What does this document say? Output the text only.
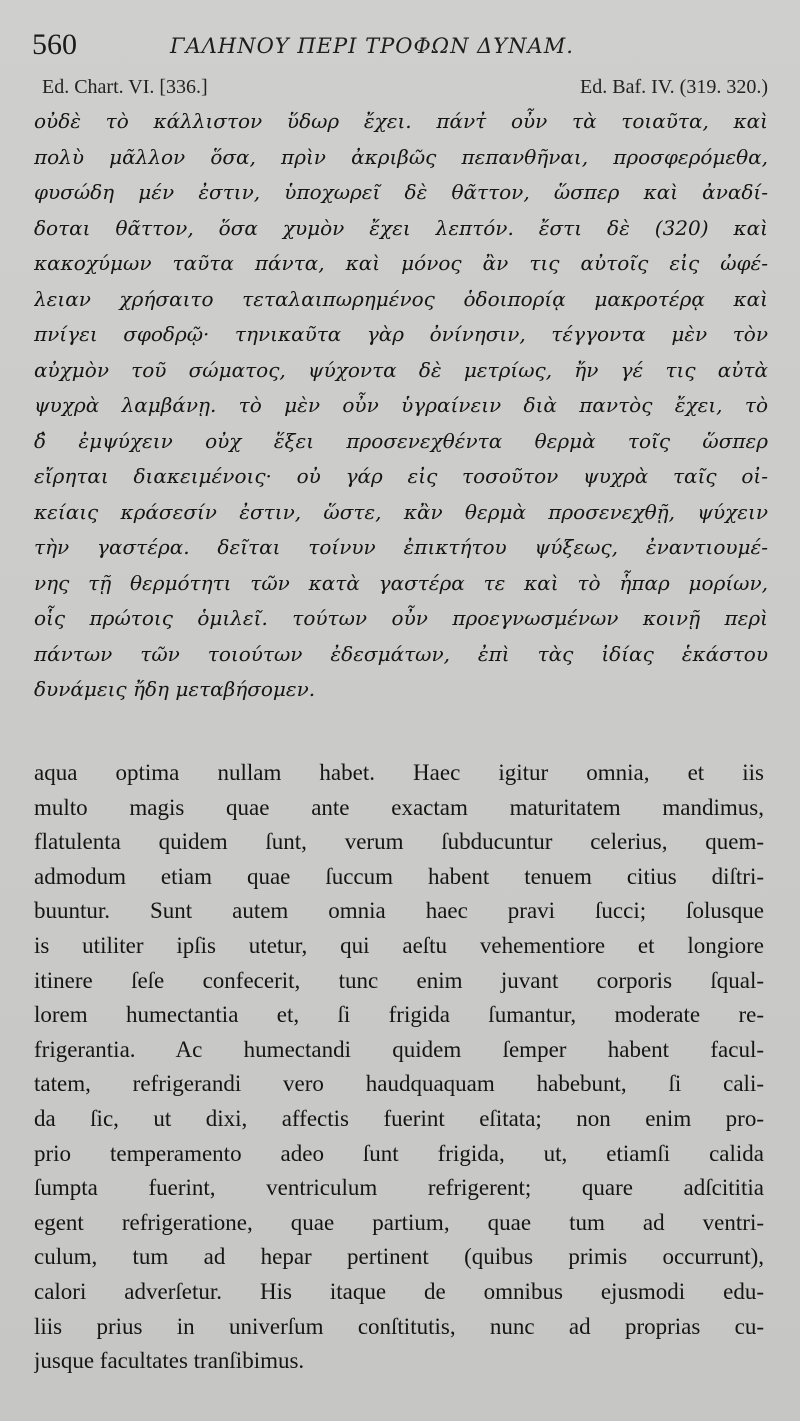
560	ΓΑΛΗΝΟΥ ΠΕΡΙ ΤΡΟΦΩΝ ΔΥΝΑΜ.
Ed. Chart. VI. [336.]	Ed. Baf. IV. (319. 320.)
οὐδὲ τὸ κάλλιστον ὕδωρ ἔχει. πάντ̓ οὖν τὰ τοιαῦτα, καὶ
πολὺ μᾶλλον ὅσα, πρὶν ἀκριβῶς πεπανθῆναι, προσφερόμεθα,
φυσώδη μέν ἐστιν, ὑποχωρεῖ δὲ θᾶττον, ὥσπερ καὶ ἀναδί-
δοται θᾶττον, ὅσα χυμὸν ἔχει λεπτόν. ἔστι δὲ (320) καὶ
κακοχύμων ταῦτα πάντα, καὶ μόνος ἂν τις αὐτοῖς εἰς ὠφέ-
λειαν χρήσαιτο τεταλαιπωρημένος ὁδοιπορίᾳ μακροτέρᾳ καὶ
πνίγει σφοδρῷ· τηνικαῦτα γὰρ ὀνίνησιν, τέγγοντα μὲν τὸν
αὐχμὸν τοῦ σώματος, ψύχοντα δὲ μετρίως, ἤν γέ τις αὐτὰ
ψυχρὰ λαμβάνῃ. τὸ μὲν οὖν ὑγραίνειν διὰ παντὸς ἔχει, τὸ
δ̓ ἐμψύχειν οὐχ ἕξει προσενεχθέντα θερμὰ τοῖς ὥσπερ
εἴρηται διακειμένοις· οὐ γάρ εἰς τοσοῦτον ψυχρὰ ταῖς οἰ-
κείαις κράσεσίν ἐστιν, ὥστε, κἂν θερμὰ προσενεχθῇ, ψύχειν
τὴν γαστέρα. δεῖται τοίνυν ἐπικτήτου ψύξεως, ἐναντιουμέ-
νης τῇ θερμότητι τῶν κατὰ γαστέρα τε καὶ τὸ ἧπαρ μορίων,
οἷς πρώτοις ὁμιλεῖ. τούτων οὖν προεγνωσμένων κοινῇ περὶ
πάντων τῶν τοιούτων ἐδεσμάτων, ἐπὶ τὰς ἰδίας ἑκάστου
δυνάμεις ἤδη μεταβήσομεν.
aqua optima nullam habet. Haec igitur omnia, et iis
multo magis quae ante exactam maturitatem mandimus,
flatulenta quidem ſunt, verum ſubducuntur celerius, quem-
admodum etiam quae ſuccum habent tenuem citius diſtri-
buuntur. Sunt autem omnia haec pravi ſucci; ſolusque
is utiliter ipſis utetur, qui aeſtu vehementiore et longiore
itinere ſeſe confecerit, tunc enim juvant corporis ſqual-
lorem humectantia et, ſi frigida ſumantur, moderate re-
frigerantia. Ac humectandi quidem ſemper habent facul-
tatem, refrigerandi vero haudquaquam habebunt, ſi cali-
da ſic, ut dixi, affectis fuerint eſitata; non enim pro-
prio temperamento adeo ſunt frigida, ut, etiamſi calida
ſumpta fuerint, ventriculum refrigerent; quare adſcititia
egent refrigeratione, quae partium, quae tum ad ventri-
culum, tum ad hepar pertinent (quibus primis occurrunt),
calori adverſetur. His itaque de omnibus ejusmodi edu-
liis prius in univerſum conſtitutis, nunc ad proprias cu-
jusque facultates tranſibimus.
